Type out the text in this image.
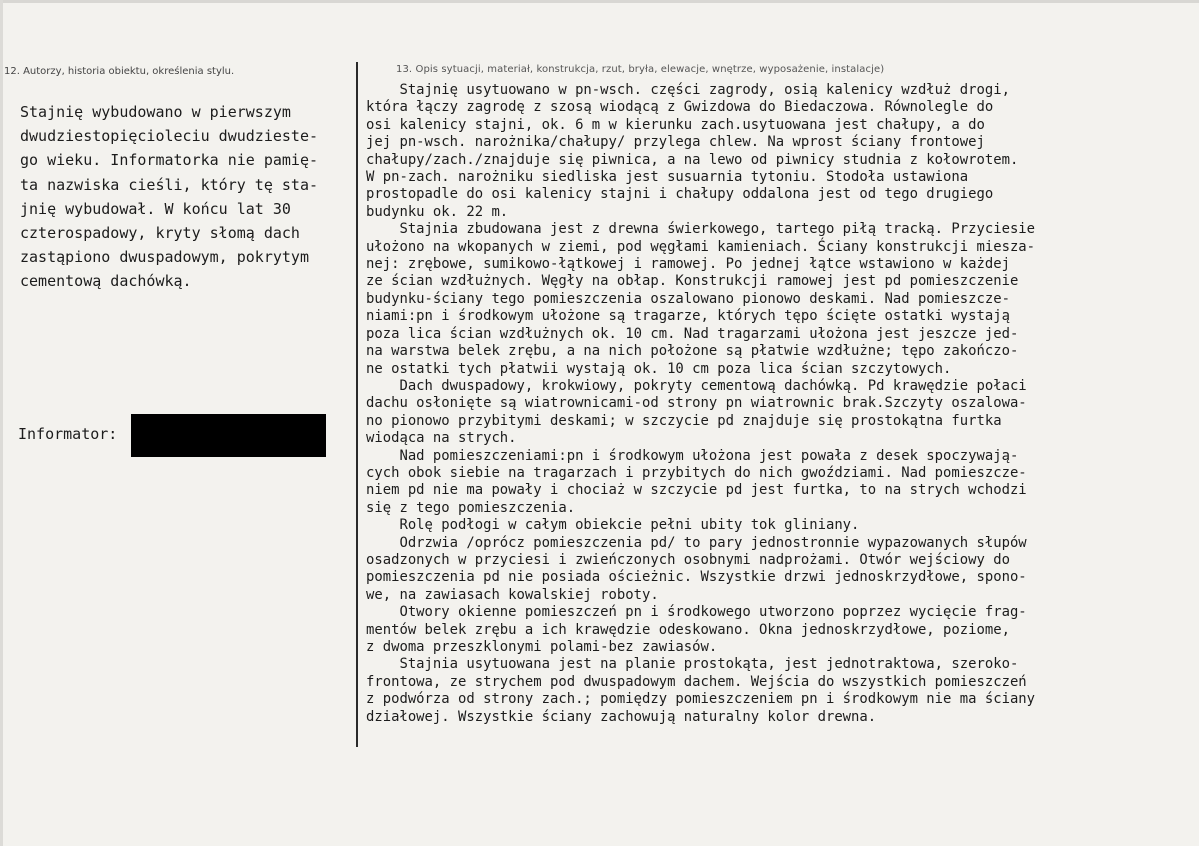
12. Autorzy, historia obiektu, określenia stylu.	13. Opis sytuacji, materiał, konstrukcja, rzut, bryła, elewacje, wnętrze, wyposażenie, instalacje)
Stajnię wybudowano w pierwszym
dwudziestopięcioleciu dwudzieste-
go wieku. Informatorka nie pamię-
ta nazwiska cieśli, który tę sta-
jnię wybudował. W końcu lat 30
czterospadowy, kryty słomą dach
zastąpiono dwuspadowym, pokrytym
cementową dachówką.
Informator:
Stajnię usytuowano w pn-wsch. części zagrody, osią kalenicy wzdłuż drogi,
która łączy zagrodę z szosą wiodącą z Gwizdowa do Biedaczowa. Równolegle do
osi kalenicy stajni, ok. 6 m w kierunku zach.usytuowana jest chałupy, a do
jej pn-wsch. narożnika/chałupy/ przylega chlew. Na wprost ściany frontowej
chałupy/zach./znajduje się piwnica, a na lewo od piwnicy studnia z kołowrotem.
W pn-zach. narożniku siedliska jest susuarnia tytoniu. Stodoła ustawiona
prostopadle do osi kalenicy stajni i chałupy oddalona jest od tego drugiego
budynku ok. 22 m.
Stajnia zbudowana jest z drewna świerkowego, tartego piłą tracką. Przyciesie
ułożono na wkopanych w ziemi, pod węgłami kamieniach. Ściany konstrukcji miesza-
nej: zrębowe, sumikowo-łątkowej i ramowej. Po jednej łątce wstawiono w każdej
ze ścian wzdłużnych. Węgły na obłap. Konstrukcji ramowej jest pd pomieszczenie
budynku-ściany tego pomieszczenia oszalowano pionowo deskami. Nad pomieszcze-
niami:pn i środkowym ułożone są tragarze, których tępo ścięte ostatki wystają
poza lica ścian wzdłużnych ok. 10 cm. Nad tragarzami ułożona jest jeszcze jed-
na warstwa belek zrębu, a na nich położone są płatwie wzdłużne; tępo zakończo-
ne ostatki tych płatwii wystają ok. 10 cm poza lica ścian szczytowych.
Dach dwuspadowy, krokwiowy, pokryty cementową dachówką. Pd krawędzie połaci
dachu osłonięte są wiatrownicami-od strony pn wiatrownic brak.Szczyty oszalowa-
no pionowo przybitymi deskami; w szczycie pd znajduje się prostokątna furtka
wiodąca na strych.
Nad pomieszczeniami:pn i środkowym ułożona jest powała z desek spoczywają-
cych obok siebie na tragarzach i przybitych do nich gwoździami. Nad pomieszcze-
niem pd nie ma powały i chociaż w szczycie pd jest furtka, to na strych wchodzi
się z tego pomieszczenia.
Rolę podłogi w całym obiekcie pełni ubity tok gliniany.
Odrzwia /oprócz pomieszczenia pd/ to pary jednostronnie wypazowanych słupów
osadzonych w przyciesi i zwieńczonych osobnymi nadprożami. Otwór wejściowy do
pomieszczenia pd nie posiada ościeżnic. Wszystkie drzwi jednoskrzydłowe, spono-
we, na zawiasach kowalskiej roboty.
Otwory okienne pomieszczeń pn i środkowego utworzono poprzez wycięcie frag-
mentów belek zrębu a ich krawędzie odeskowano. Okna jednoskrzydłowe, poziome,
z dwoma przeszklonymi polami-bez zawiasów.
Stajnia usytuowana jest na planie prostokąta, jest jednotraktowa, szeroko-
frontowa, ze strychem pod dwuspadowym dachem. Wejścia do wszystkich pomieszczeń
z podwórza od strony zach.; pomiędzy pomieszczeniem pn i środkowym nie ma ściany
działowej. Wszystkie ściany zachowują naturalny kolor drewna.
